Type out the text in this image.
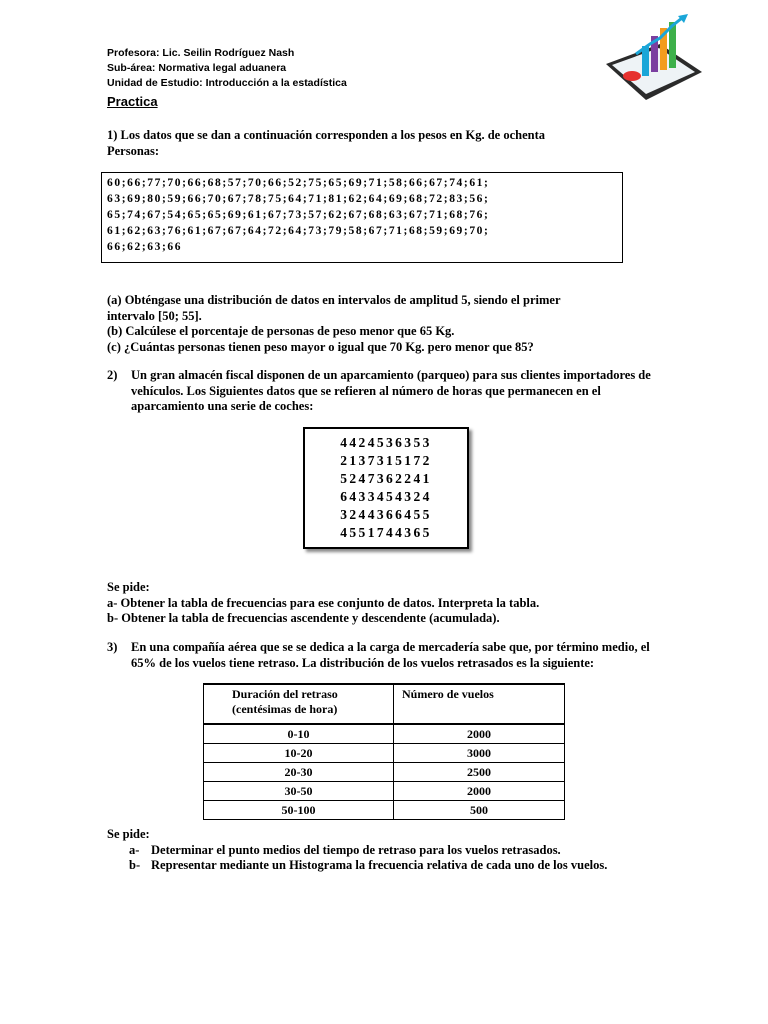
Profesora: Lic. Seilin Rodríguez Nash
Sub-área: Normativa legal aduanera
Unidad de Estudio: Introducción a la estadística
Practica
1) Los datos que se dan a continuación corresponden a los pesos en Kg. de ochenta
Personas:
60;66;77;70;66;68;57;70;66;52;75;65;69;71;58;66;67;74;61;
63;69;80;59;66;70;67;78;75;64;71;81;62;64;69;68;72;83;56;
65;74;67;54;65;65;69;61;67;73;57;62;67;68;63;67;71;68;76;
61;62;63;76;61;67;67;64;72;64;73;79;58;67;71;68;59;69;70;
66;62;63;66
(a) Obténgase una distribución de datos en intervalos de amplitud 5, siendo el primer
intervalo [50; 55].
(b) Calcúlese el porcentaje de personas de peso menor que 65 Kg.
(c) ¿Cuántas personas tienen peso mayor o igual que 70 Kg. pero menor que 85?
2) Un gran almacén fiscal disponen de un aparcamiento (parqueo) para sus clientes importadores de
vehículos. Los Siguientes datos que se refieren al número de horas que permanecen en el
aparcamiento una serie de coches:
4424536353
2137315172
5247362241
6433454324
3244366455
4551744365
Se pide:
a- Obtener la tabla de frecuencias para ese conjunto de datos. Interpreta la tabla.
b- Obtener la tabla de frecuencias ascendente y descendente (acumulada).
3) En una compañía aérea que se se dedica a la carga de mercadería sabe que, por término medio, el
65% de los vuelos tiene retraso. La distribución de los vuelos retrasados es la siguiente:
Duración del retraso
(centésimas de hora)	Número de vuelos
0-10	2000
10-20	3000
20-30	2500
30-50	2000
50-100	500
Se pide:
a- Determinar el punto medios del tiempo de retraso para los vuelos retrasados.
b- Representar mediante un Histograma la frecuencia relativa de cada uno de los vuelos.
